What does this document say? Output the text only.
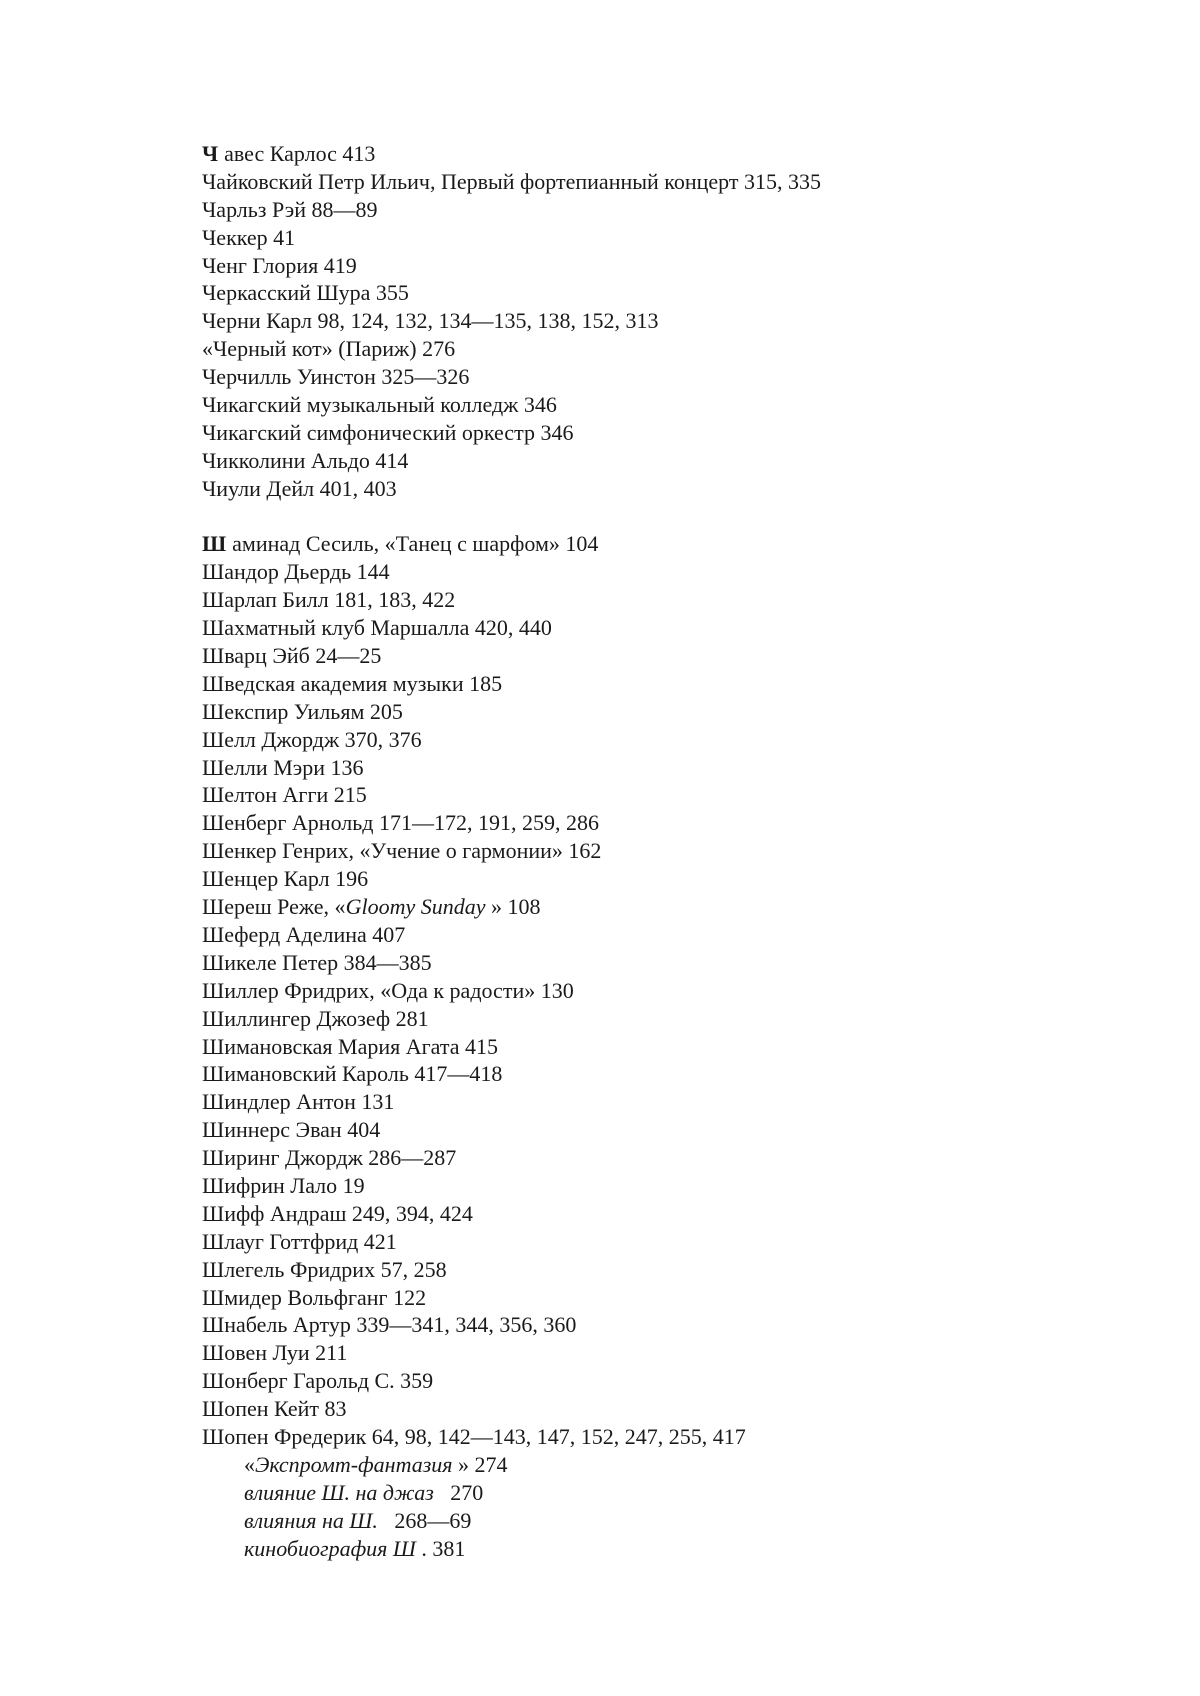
Ч авес Карлос 413
Чайковский Петр Ильич, Первый фортепианный концерт 315, 335
Чарльз Рэй 88—89
Чеккер 41
Ченг Глория 419
Черкасский Шура 355
Черни Карл 98, 124, 132, 134—135, 138, 152, 313
«Черный кот» (Париж) 276
Черчилль Уинстон 325—326
Чикагский музыкальный колледж 346
Чикагский симфонический оркестр 346
Чикколини Альдо 414
Чиули Дейл 401, 403
Ш аминад Сесиль, «Танец с шарфом» 104
Шандор Дьердь 144
Шарлап Билл 181, 183, 422
Шахматный клуб Маршалла 420, 440
Шварц Эйб 24—25
Шведская академия музыки 185
Шекспир Уильям 205
Шелл Джордж 370, 376
Шелли Мэри 136
Шелтон Агги 215
Шенберг Арнольд 171—172, 191, 259, 286
Шенкер Генрих, «Учение о гармонии» 162
Шенцер Карл 196
Шереш Реже, «Gloomy Sunday » 108
Шеферд Аделина 407
Шикеле Петер 384—385
Шиллер Фридрих, «Ода к радости» 130
Шиллингер Джозеф 281
Шимановская Мария Агата 415
Шимановский Кароль 417—418
Шиндлер Антон 131
Шиннерс Эван 404
Ширинг Джордж 286—287
Шифрин Лало 19
Шифф Андраш 249, 394, 424
Шлауг Готтфрид 421
Шлегель Фридрих 57, 258
Шмидер Вольфганг 122
Шнабель Артур 339—341, 344, 356, 360
Шовен Луи 211
Шонберг Гарольд С. 359
Шопен Кейт 83
Шопен Фредерик 64, 98, 142—143, 147, 152, 247, 255, 417
«Экспромт-фантазия » 274
влияние Ш. на джаз   270
влияния на Ш.   268—69
кинобиография Ш . 381
